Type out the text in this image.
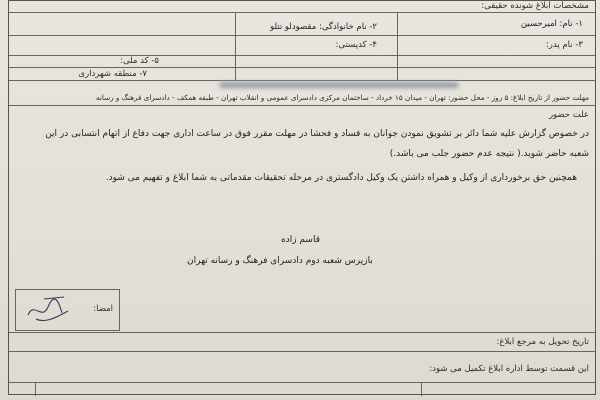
مشخصات ابلاغ شونده حقیقی:
۱- نام: امیرحسین
۲- نام خانوادگی: مقصودلو تتلو
۳- نام پدر:
۴- کدپستی:
۵- کد ملی:
۷- منطقه شهرداری
مهلت حضور از تاریخ ابلاغ: ۵ روز - محل حضور: تهران - میدان ۱۵ خرداد - ساختمان مرکزی دادسرای عمومی و انقلاب تهران - طبقه همکف - دادسرای فرهنگ و رسانه
علت حضور
در خصوص گزارش علیه شما دائر بر تشویق نمودن جوانان به فساد و فحشا در مهلت مقرر فوق در ساعت اداری جهت دفاع از اتهام انتسابی در این
شعبه حاضر شوید.( نتیجه عدم حضور جلب می باشد.)
همچنین حق برخورداری از وکیل و همراه داشتن یک وکیل دادگستری در مرحله تحقیقات مقدماتی به شما ابلاغ و تفهیم می شود.
قاسم زاده
بازپرس شعبه دوم دادسرای فرهنگ و رسانه تهران
امضا:
تاریخ تحویل به مرجع ابلاغ:
این قسمت توسط اداره ابلاغ تکمیل می شود:
